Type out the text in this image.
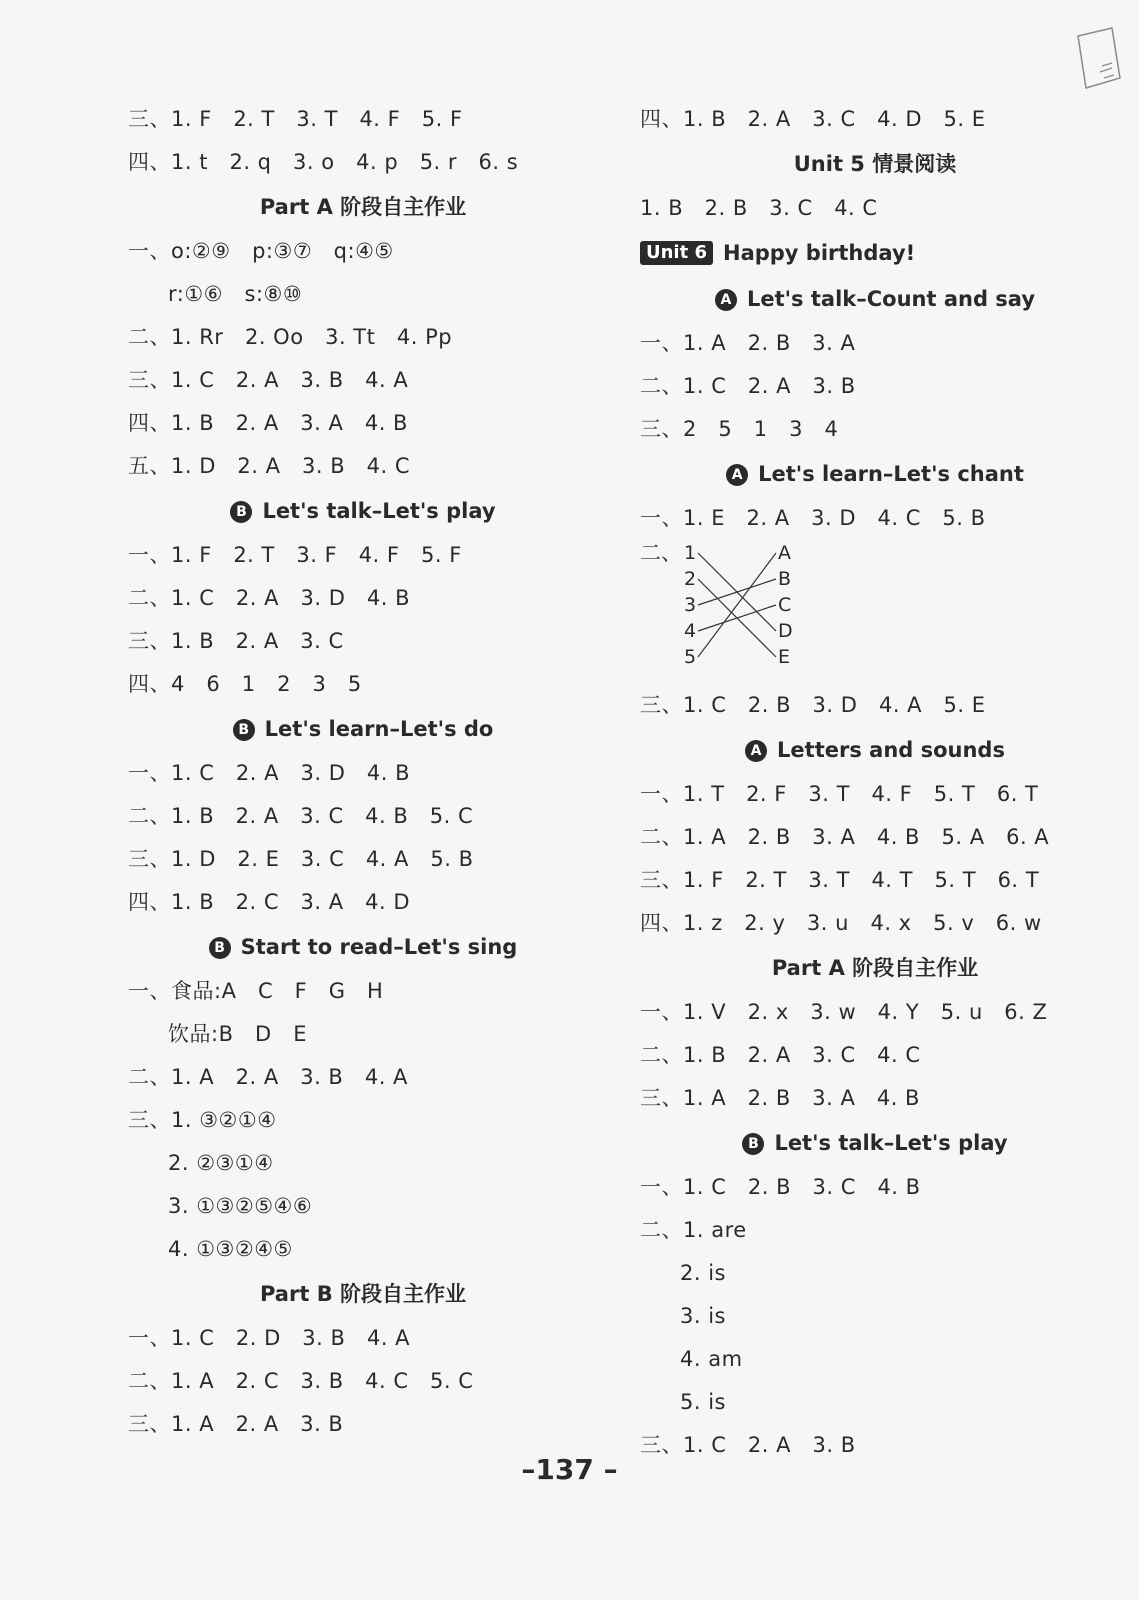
三、1. F   2. T   3. T   4. F   5. F
四、1. t   2. q   3. o   4. p   5. r   6. s
Part A 阶段自主作业
一、o:②⑨   p:③⑦   q:④⑤
r:①⑥   s:⑧⑩
二、1. Rr   2. Oo   3. Tt   4. Pp
三、1. C   2. A   3. B   4. A
四、1. B   2. A   3. A   4. B
五、1. D   2. A   3. B   4. C
B Let's talk–Let's play
一、1. F   2. T   3. F   4. F   5. F
二、1. C   2. A   3. D   4. B
三、1. B   2. A   3. C
四、4   6   1   2   3   5
B Let's learn–Let's do
一、1. C   2. A   3. D   4. B
二、1. B   2. A   3. C   4. B   5. C
三、1. D   2. E   3. C   4. A   5. B
四、1. B   2. C   3. A   4. D
B Start to read–Let's sing
一、食品:A   C   F   G   H
饮品:B   D   E
二、1. A   2. A   3. B   4. A
三、1. ③②①④
2. ②③①④
3. ①③②⑤④⑥
4. ①③②④⑤
Part B 阶段自主作业
一、1. C   2. D   3. B   4. A
二、1. A   2. C   3. B   4. C   5. C
三、1. A   2. A   3. B
四、1. B   2. A   3. C   4. D   5. E
Unit 5 情景阅读
1. B   2. B   3. C   4. C
Unit 6 Happy birthday!
A Let's talk–Count and say
一、1. A   2. B   3. A
二、1. C   2. A   3. B
三、2   5   1   3   4
A Let's learn–Let's chant
一、1. E   2. A   3. D   4. C   5. B
二、 1
2
3
4
5
A
B
C
D
E
三、1. C   2. B   3. D   4. A   5. E
A Letters and sounds
一、1. T   2. F   3. T   4. F   5. T   6. T
二、1. A   2. B   3. A   4. B   5. A   6. A
三、1. F   2. T   3. T   4. T   5. T   6. T
四、1. z   2. y   3. u   4. x   5. v   6. w
Part A 阶段自主作业
一、1. V   2. x   3. w   4. Y   5. u   6. Z
二、1. B   2. A   3. C   4. C
三、1. A   2. B   3. A   4. B
B Let's talk–Let's play
一、1. C   2. B   3. C   4. B
二、1. are
2. is
3. is
4. am
5. is
三、1. C   2. A   3. B
–137 –
